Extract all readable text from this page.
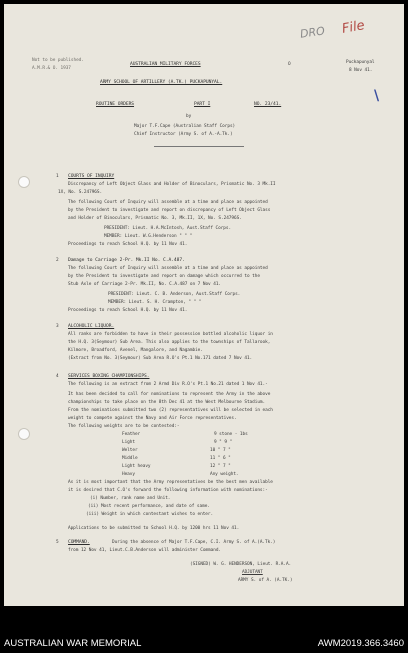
DRO File
\
Not to be published.
A.M.R.& O. 1937
AUSTRALIAN MILITARY FORCES	O	Puckapunyal
8 Nov 41.
ARMY SCHOOL OF ARTILLERY (A.TK.) PUCKAPUNYAL.
ROUTINE ORDERS	PART I	NO. 23/41.
by
Major T.F.Cape (Australian Staff Corps)
Chief Instructor (Army S. of A.-A.Tk.)
1 COURTS OF INQUIRY
Discrepancy of Left Object Glass and Holder of Binoculars, Prismatic No. 3 Mk.II
1X, No. S.24796S.
The following Court of Inquiry will assemble at a time and place as appointed
by the President to investigate and report on discrepancy of Left Object Glass
and Holder of Binoculars, Prismatic No. 3, Mk.II, 1X, No. S.24796S.
PRESIDENT: Lieut. H.A.McIntosh, Aust.Staff Corps.
MEMBER: Lieut. W.G.Henderson " " "
Proceedings to reach School H.Q. by 11 Nov 41.
2 Damage to Carriage 2-Pr. Mk.II No. C.A.487.
The following Court of Inquiry will assemble at a time and place as appointed
by the President to investigate and report on damage which occurred to the
Stub Axle of Carriage 2-Pr. Mk.II, No. C.A.487 on 7 Nov 41.
PRESIDENT: Lieut. C. B. Anderson, Aust.Staff Corps.
MEMBER: Lieut. S. H. Crampton, " " "
Proceedings to reach School H.Q. by 11 Nov 41.
3 ALCOHOLIC LIQUOR.
All ranks are forbidden to have in their possession bottled alcoholic liquor in
the H.Q. 3(Seymour) Sub Area. This also applies to the townships of Tallarook,
Kilmore, Broadford, Avenel, Mangalore, and Nagambie.
(Extract from No. 3(Seymour) Sub Area R.O's Pt.1 No.171 dated 7 Nov 41.
4 SERVICES BOXING CHAMPIONSHIPS.
The following is an extract from 2 Armd Div R.O's Pt.1 No.21 dated 1 Nov 41.-
It has been decided to call for nominations to represent the Army in the above
championships to take place on the 8th Dec 41 at the West Melbourne Stadium.
From the nominations submitted two (2) representatives will be selected in each
weight to compete against the Navy and Air Force representatives.
The following weights are to be contested:-
Feather	9 stone - 1bs
Light	9 " 9 "
Welter	10 " 7 "
Middle	11 " 6 "
Light heavy	12 " 7 "
Heavy	Any weight.
As it is most important that the Army representatives be the best men available
it is desired that C.O's forward the following information with nominations:-
(i) Number, rank name and Unit.
(ii) Most recent performance, and date of same.
(iii) Weight in which contestant wishes to enter.
Applications to be submitted to School H.Q. by 1200 hrs 11 Nov 41.
5 COMMAND.	During the absence of Major T.F.Cape, C.I. Army S. of A.(A.Tk.)
from 12 Nov 41, Lieut.C.B.Anderson will administer Command.
(SIGNED) W. G. HENDERSON, Lieut. R.A.A.
ADJUTANT
ARMY S. of A. (A.TK.)
AUSTRALIAN WAR MEMORIAL	AWM2019.366.3460
